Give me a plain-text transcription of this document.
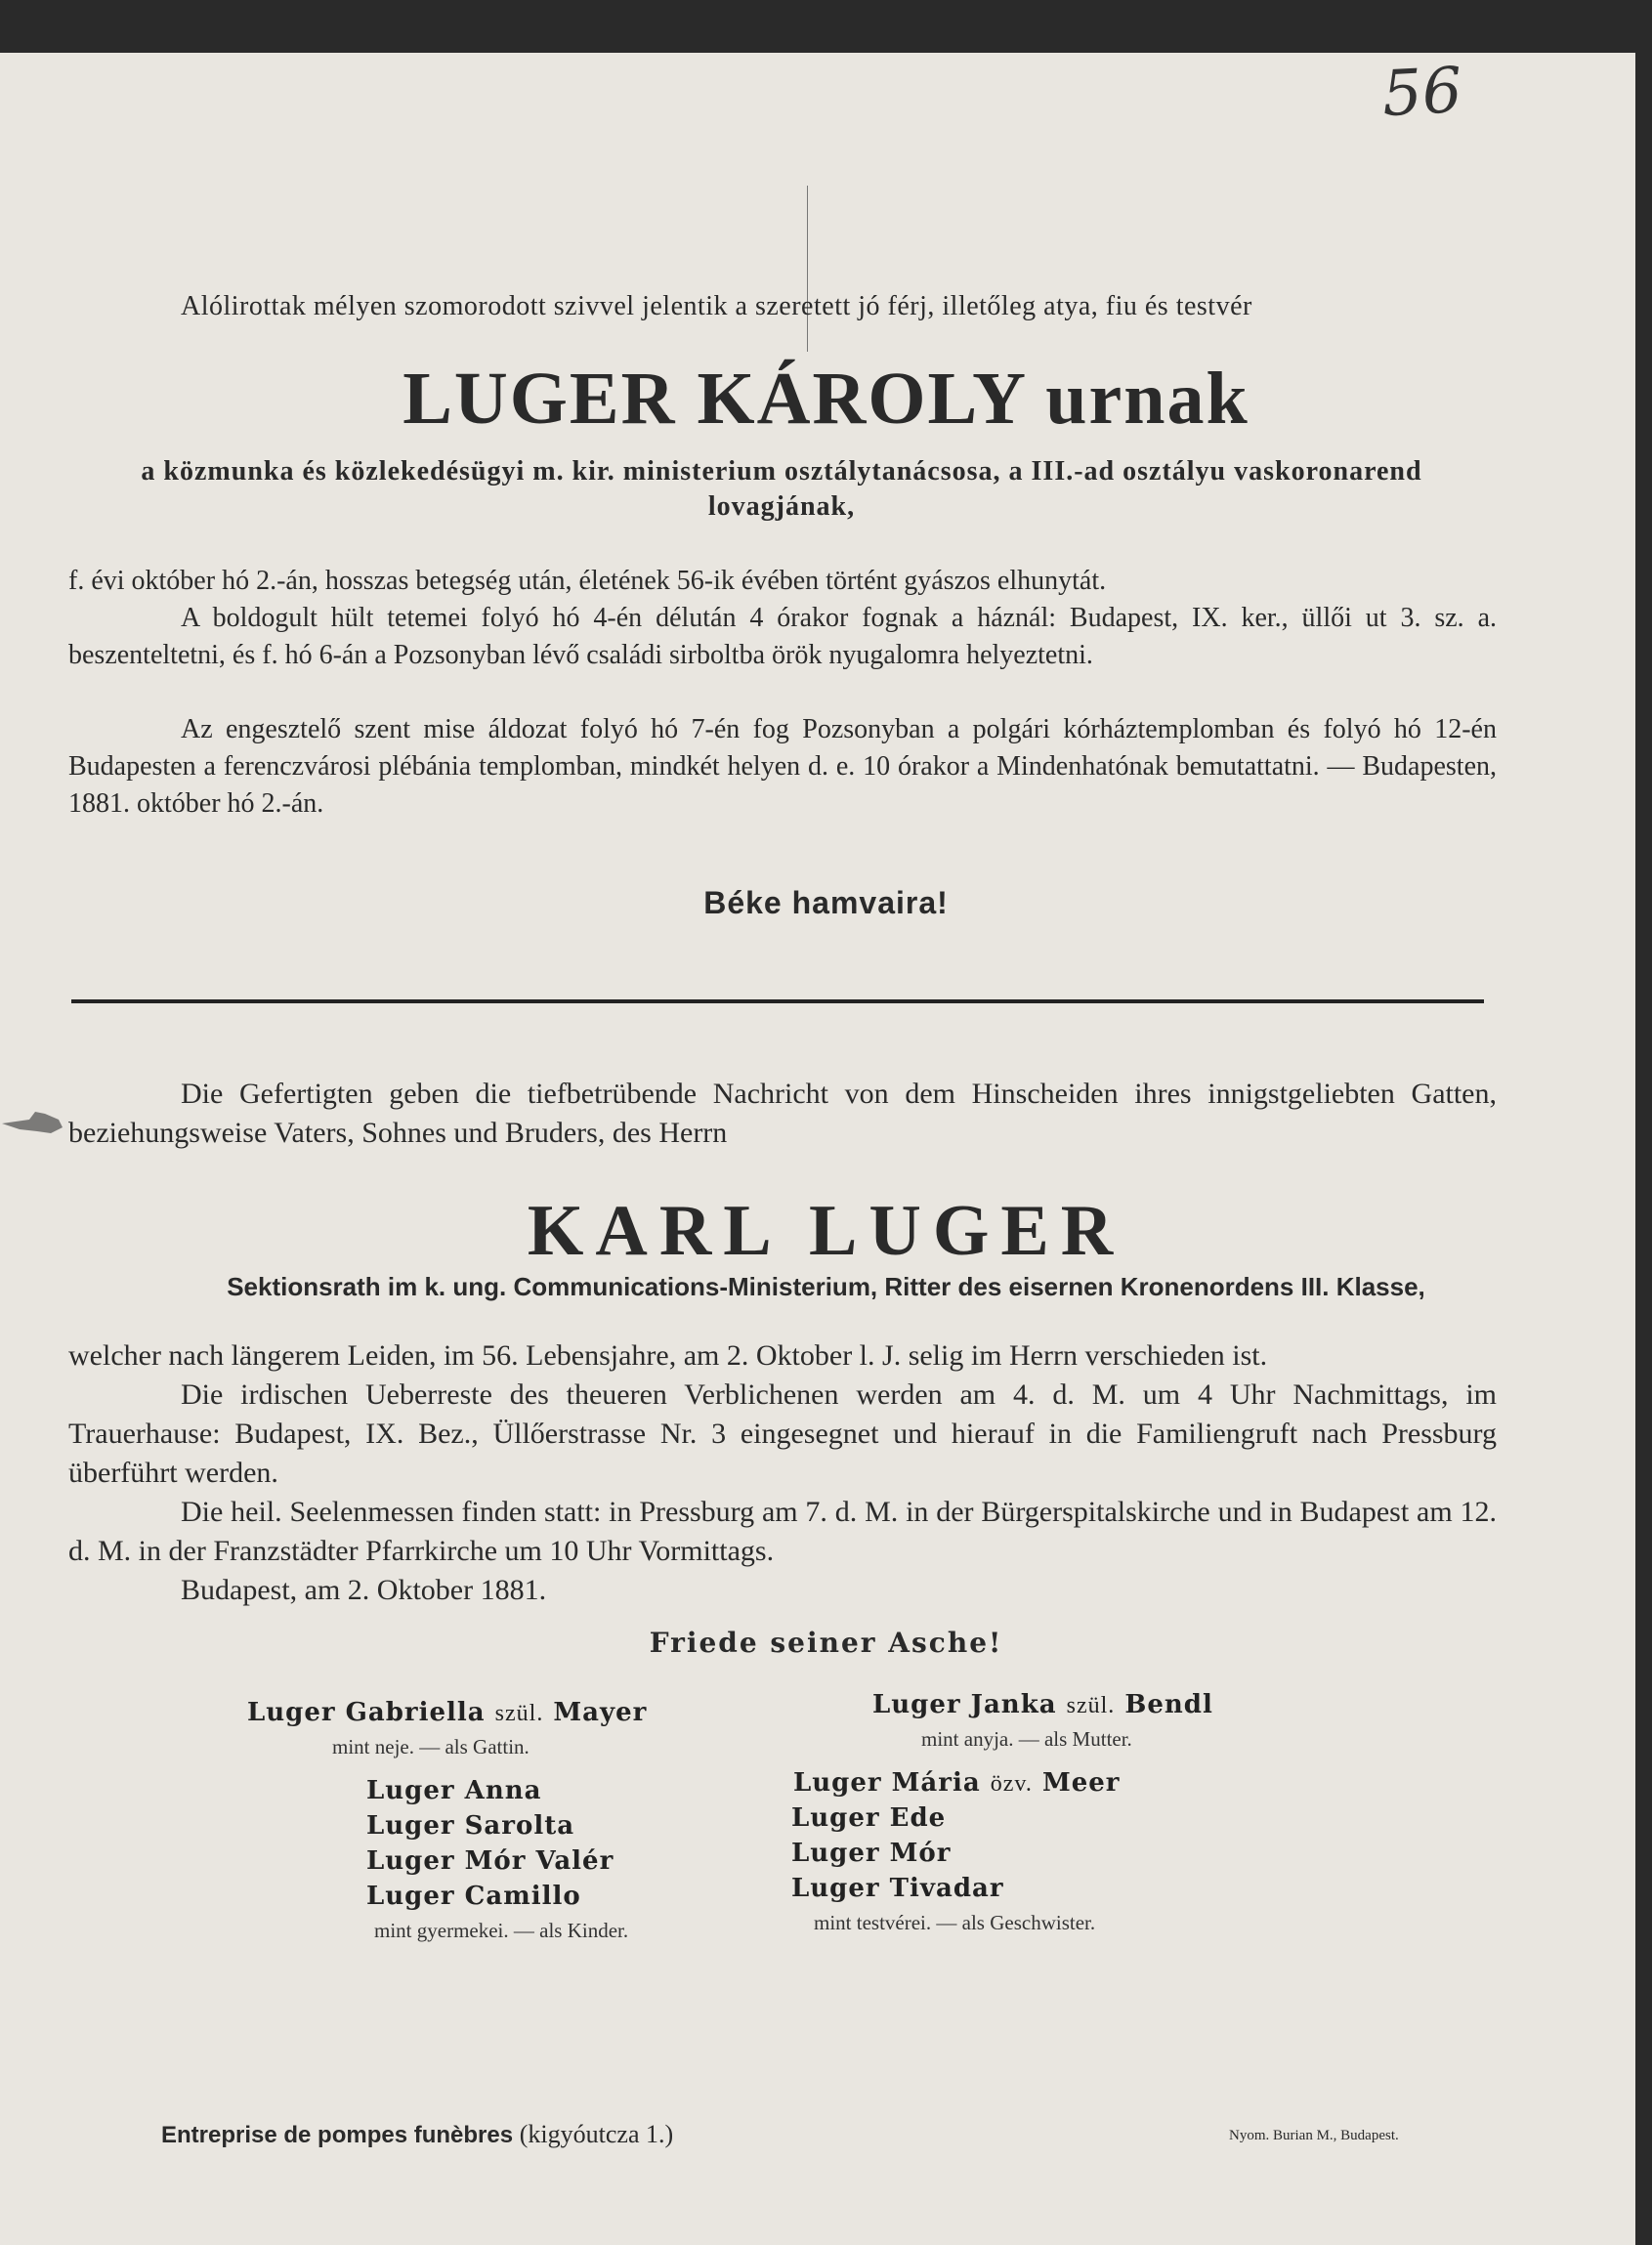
56
Alólirottak mélyen szomorodott szivvel jelentik a szeretett jó férj, illetőleg atya, fiu és testvér
LUGER KÁROLY urnak
a közmunka és közlekedésügyi m. kir. ministerium osztálytanácsosa, a III.-ad osztályu vaskoronarend lovagjának,
f. évi október hó 2.-án, hosszas betegség után, életének 56-ik évében történt gyászos elhunytát.
A boldogult hült tetemei folyó hó 4-én délután 4 órakor fognak a háznál: Budapest, IX. ker., üllői ut 3. sz. a. beszenteltetni, és f. hó 6-án a Pozsonyban lévő családi sirboltba örök nyugalomra helyeztetni.
Az engesztelő szent mise áldozat folyó hó 7-én fog Pozsonyban a polgári kórháztemplomban és folyó hó 12-én Budapesten a ferenczvárosi plébánia templomban, mindkét helyen d. e. 10 órakor a Mindenhatónak bemutattatni. — Budapesten, 1881. október hó 2.-án.
Béke hamvaira!
Die Gefertigten geben die tiefbetrübende Nachricht von dem Hinscheiden ihres innigstgeliebten Gatten, beziehungsweise Vaters, Sohnes und Bruders, des Herrn
KARL LUGER
Sektionsrath im k. ung. Communications-Ministerium, Ritter des eisernen Kronenordens III. Klasse,
welcher nach längerem Leiden, im 56. Lebensjahre, am 2. Oktober l. J. selig im Herrn verschieden ist.
Die irdischen Ueberreste des theueren Verblichenen werden am 4. d. M. um 4 Uhr Nachmittags, im Trauerhause: Budapest, IX. Bez., Üllőerstrasse Nr. 3 eingesegnet und hierauf in die Familiengruft nach Pressburg überführt werden.
Die heil. Seelenmessen finden statt: in Pressburg am 7. d. M. in der Bürgerspitalskirche und in Budapest am 12. d. M. in der Franzstädter Pfarrkirche um 10 Uhr Vormittags.
Budapest, am 2. Oktober 1881.
Friede seiner Asche!
Luger Gabriella szül. Mayer
mint neje. — als Gattin.
Luger Anna
Luger Sarolta
Luger Mór Valér
Luger Camillo
mint gyermekei. — als Kinder.
Luger Janka szül. Bendl
mint anyja. — als Mutter.
Luger Mária özv. Meer
Luger Ede
Luger Mór
Luger Tivadar
mint testvérei. — als Geschwister.
Entreprise de pompes funèbres (kigyóutcza 1.)	Nyom. Burian M., Budapest.
